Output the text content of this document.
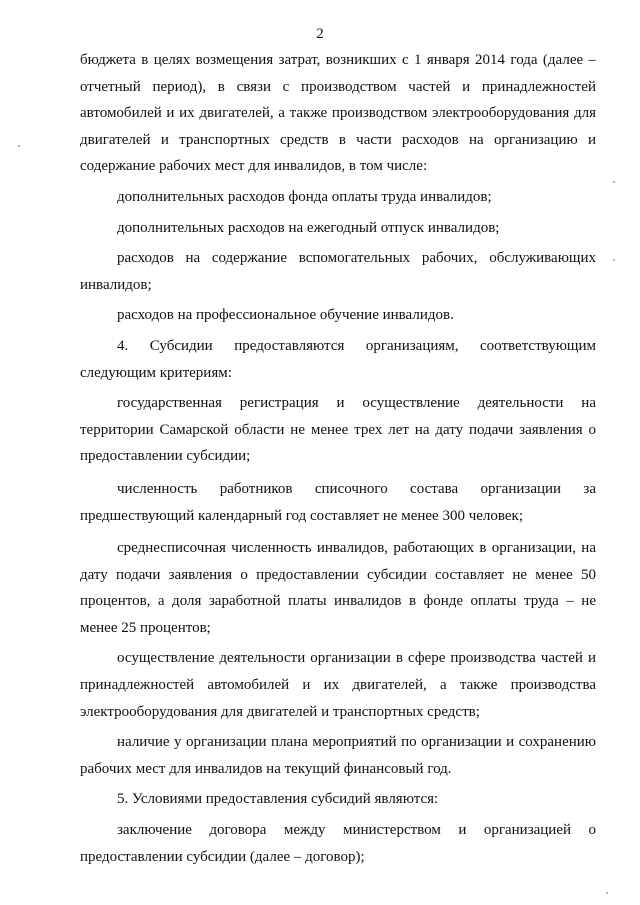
2

бюджета в целях возмещения затрат, возникших с 1 января 2014 года (далее – отчетный период), в связи с производством частей и принадлежностей автомобилей и их двигателей, а также производством электрооборудования для двигателей и транспортных средств в части расходов на организацию и содержание рабочих мест для инвалидов, в том числе:

дополнительных расходов фонда оплаты труда инвалидов;

дополнительных расходов на ежегодный отпуск инвалидов;

расходов на содержание вспомогательных рабочих, обслуживающих инвалидов;

расходов на профессиональное обучение инвалидов.

4. Субсидии предоставляются организациям, соответствующим следующим критериям:

государственная регистрация и осуществление деятельности на территории Самарской области не менее трех лет на дату подачи заявления о предоставлении субсидии;

численность работников списочного состава организации за предшествующий календарный год составляет не менее 300 человек;

среднесписочная численность инвалидов, работающих в организации, на дату подачи заявления о предоставлении субсидии составляет не менее 50 процентов, а доля заработной платы инвалидов в фонде оплаты труда – не менее 25 процентов;

осуществление деятельности организации в сфере производства частей и принадлежностей автомобилей и их двигателей, а также производства электрооборудования для двигателей и транспортных средств;

наличие у организации плана мероприятий по организации и сохранению рабочих мест для инвалидов на текущий финансовый год.

5. Условиями предоставления субсидий являются:

заключение договора между министерством и организацией о предоставлении субсидии (далее – договор);
